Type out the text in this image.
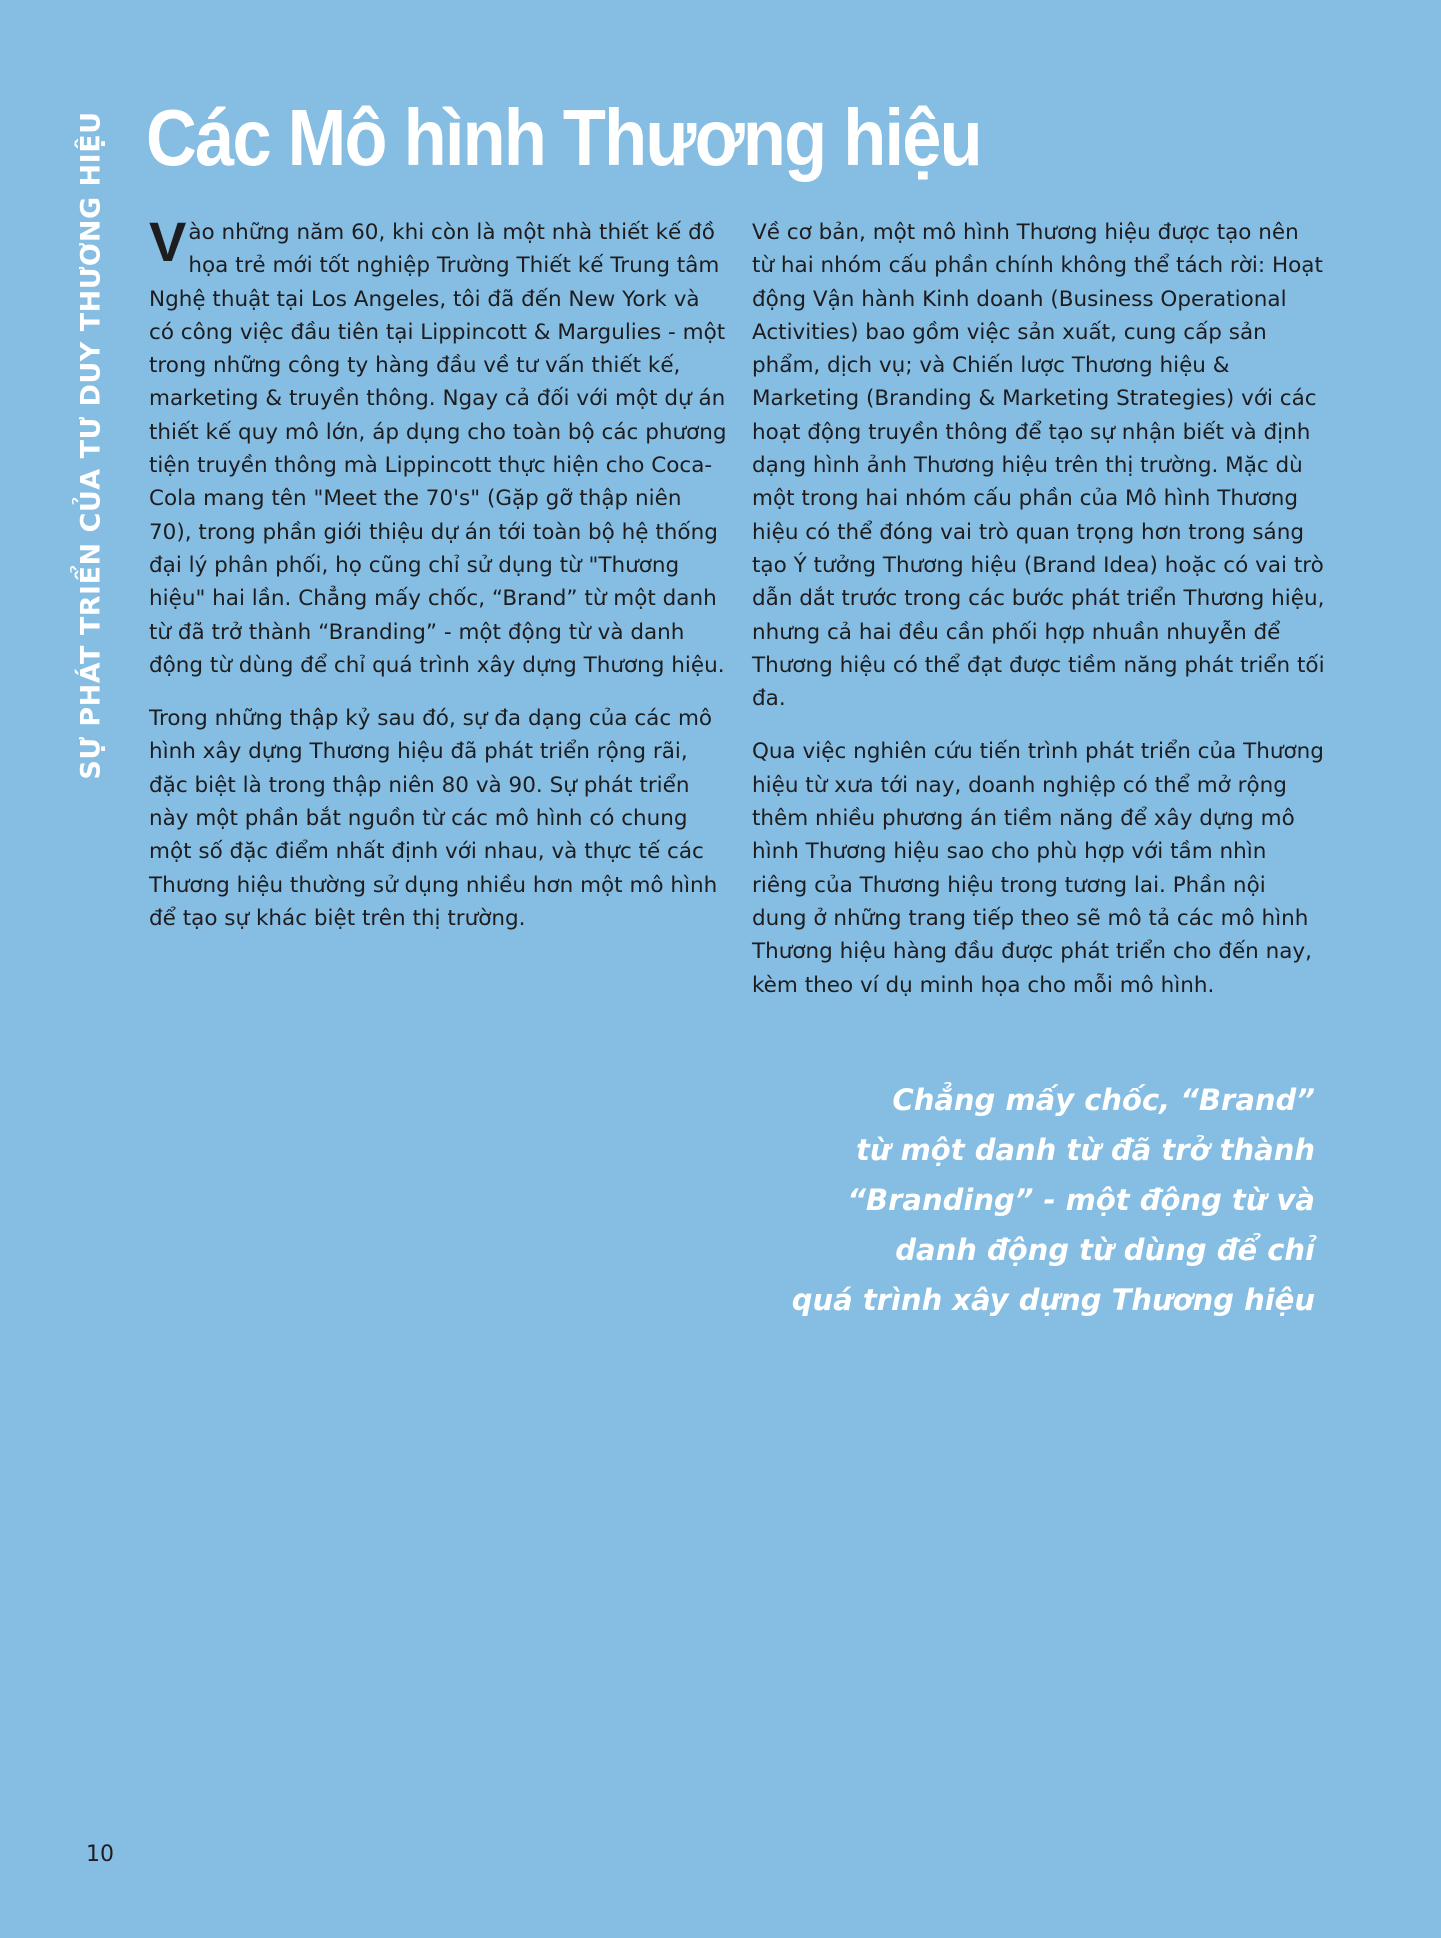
SỰ PHÁT TRIỂN CỦA TƯ DUY THƯƠNG HIỆU Các Mô hình Thương hiệu

Vào những năm 60, khi còn là một nhà thiết kế đồ họa trẻ mới tốt nghiệp Trường Thiết kế Trung tâm Nghệ thuật tại Los Angeles, tôi đã đến New York và có công việc đầu tiên tại Lippincott & Margulies - một trong những công ty hàng đầu về tư vấn thiết kế, marketing & truyền thông. Ngay cả đối với một dự án thiết kế quy mô lớn, áp dụng cho toàn bộ các phương tiện truyền thông mà Lippincott thực hiện cho Coca-Cola mang tên "Meet the 70's" (Gặp gỡ thập niên 70), trong phần giới thiệu dự án tới toàn bộ hệ thống đại lý phân phối, họ cũng chỉ sử dụng từ "Thương hiệu" hai lần. Chẳng mấy chốc, “Brand” từ một danh từ đã trở thành “Branding” - một động từ và danh động từ dùng để chỉ quá trình xây dựng Thương hiệu.

Trong những thập kỷ sau đó, sự đa dạng của các mô hình xây dựng Thương hiệu đã phát triển rộng rãi, đặc biệt là trong thập niên 80 và 90. Sự phát triển này một phần bắt nguồn từ các mô hình có chung một số đặc điểm nhất định với nhau, và thực tế các Thương hiệu thường sử dụng nhiều hơn một mô hình để tạo sự khác biệt trên thị trường.

Về cơ bản, một mô hình Thương hiệu được tạo nên từ hai nhóm cấu phần chính không thể tách rời: Hoạt động Vận hành Kinh doanh (Business Operational Activities) bao gồm việc sản xuất, cung cấp sản phẩm, dịch vụ; và Chiến lược Thương hiệu & Marketing (Branding & Marketing Strategies) với các hoạt động truyền thông để tạo sự nhận biết và định dạng hình ảnh Thương hiệu trên thị trường. Mặc dù một trong hai nhóm cấu phần của Mô hình Thương hiệu có thể đóng vai trò quan trọng hơn trong sáng tạo Ý tưởng Thương hiệu (Brand Idea) hoặc có vai trò dẫn dắt trước trong các bước phát triển Thương hiệu, nhưng cả hai đều cần phối hợp nhuần nhuyễn để Thương hiệu có thể đạt được tiềm năng phát triển tối đa.

Qua việc nghiên cứu tiến trình phát triển của Thương hiệu từ xưa tới nay, doanh nghiệp có thể mở rộng thêm nhiều phương án tiềm năng để xây dựng mô hình Thương hiệu sao cho phù hợp với tầm nhìn riêng của Thương hiệu trong tương lai. Phần nội dung ở những trang tiếp theo sẽ mô tả các mô hình Thương hiệu hàng đầu được phát triển cho đến nay, kèm theo ví dụ minh họa cho mỗi mô hình.

Chẳng mấy chốc, “Brand”
từ một danh từ đã trở thành
“Branding” - một động từ và
danh động từ dùng để chỉ
quá trình xây dựng Thương hiệu
10
